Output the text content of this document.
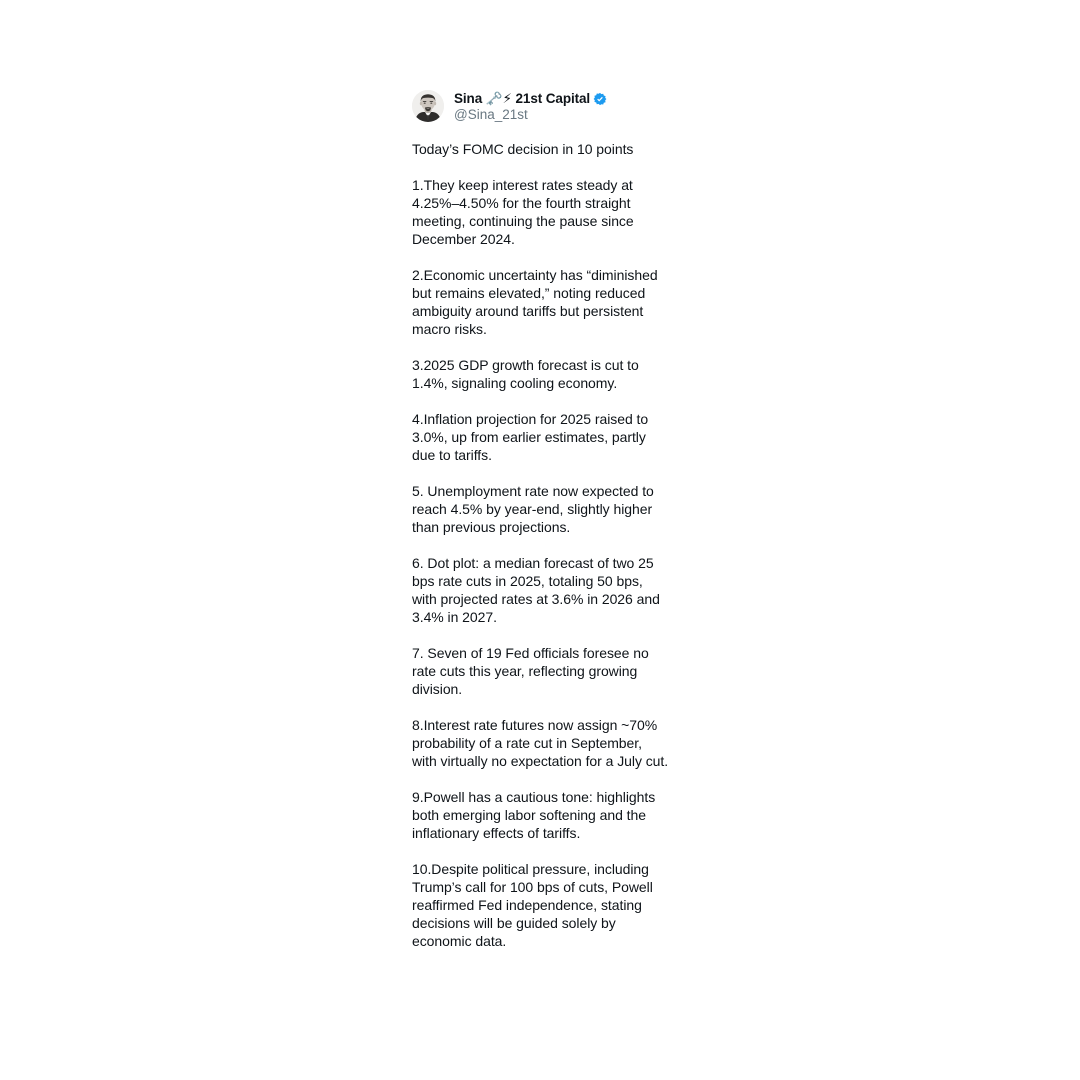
Sina 🗝️⚡ 21st Capital
@Sina_21st

Today’s FOMC decision in 10 points

1.They keep interest rates steady at 4.25%–4.50% for the fourth straight meeting, continuing the pause since December 2024.

2.Economic uncertainty has “diminished but remains elevated,” noting reduced ambiguity around tariffs but persistent macro risks.

3.2025 GDP growth forecast is cut to 1.4%, signaling cooling economy.

4.Inflation projection for 2025 raised to 3.0%, up from earlier estimates, partly due to tariffs.

5. Unemployment rate now expected to reach 4.5% by year-end, slightly higher than previous projections.

6. Dot plot: a median forecast of two 25 bps rate cuts in 2025, totaling 50 bps, with projected rates at 3.6% in 2026 and 3.4% in 2027.

7. Seven of 19 Fed officials foresee no rate cuts this year, reflecting growing division.

8.Interest rate futures now assign ~70% probability of a rate cut in September, with virtually no expectation for a July cut.

9.Powell has a cautious tone: highlights both emerging labor softening and the inflationary effects of tariffs.

10.Despite political pressure, including Trump’s call for 100 bps of cuts, Powell reaffirmed Fed independence, stating decisions will be guided solely by economic data.
